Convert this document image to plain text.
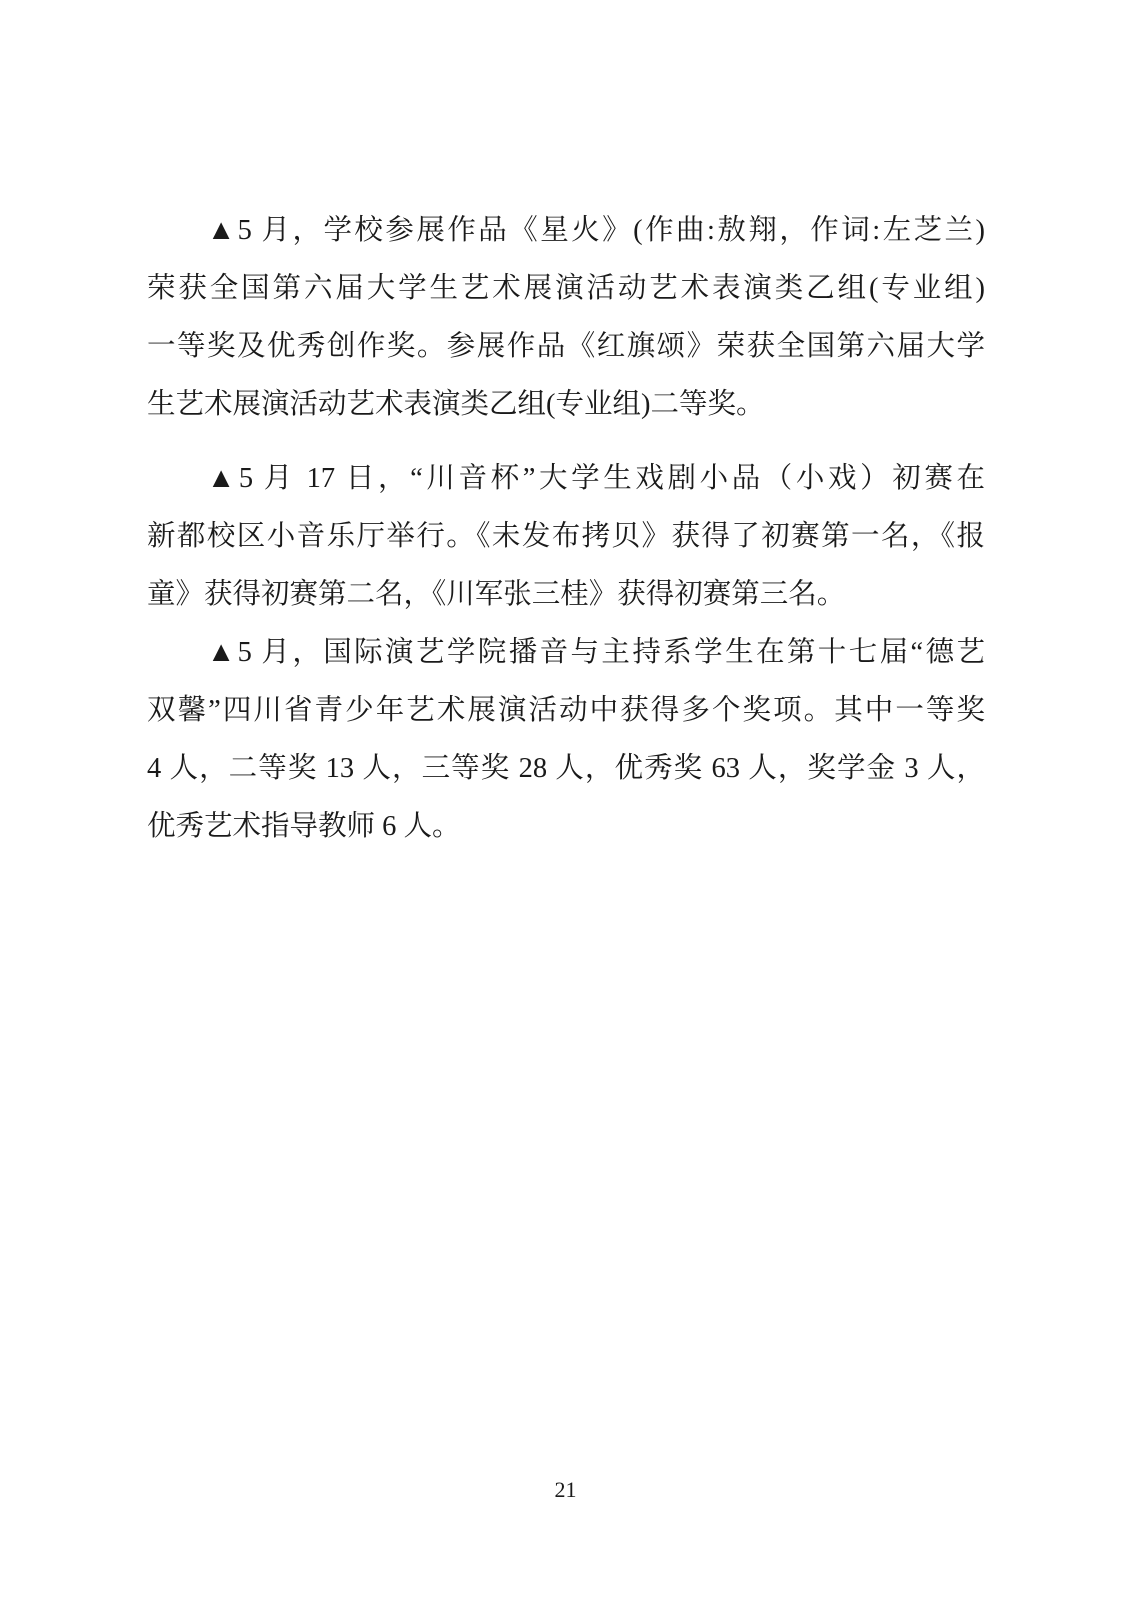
▲5 月，学校参展作品《星火》(作曲:敖翔，作词:左芝兰)
荣获全国第六届大学生艺术展演活动艺术表演类乙组(专业组)
一等奖及优秀创作奖。参展作品《红旗颂》荣获全国第六届大学
生艺术展演活动艺术表演类乙组(专业组)二等奖。
▲5 月 17 日，“川音杯”大学生戏剧小品（小戏）初赛在
新都校区小音乐厅举行。《未发布拷贝》获得了初赛第一名，《报
童》获得初赛第二名，《川军张三桂》获得初赛第三名。
▲5 月，国际演艺学院播音与主持系学生在第十七届“德艺
双馨”四川省青少年艺术展演活动中获得多个奖项。其中一等奖
4 人，二等奖 13 人，三等奖 28 人，优秀奖 63 人，奖学金 3 人，
优秀艺术指导教师 6 人。
21
